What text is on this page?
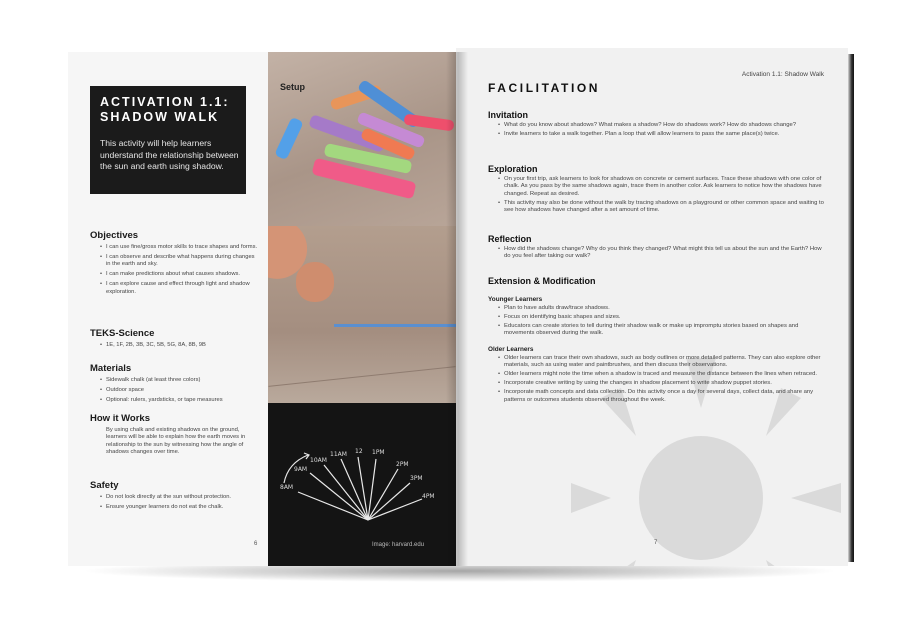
ACTIVATION 1.1: SHADOW WALK

This activity will help learners understand the relationship between the sun and earth using shadow.

Objectives
• I can use fine/gross motor skills to trace shapes and forms.
• I can observe and describe what happens during changes in the earth and sky.
• I can make predictions about what causes shadows.
• I can explore cause and effect through light and shadow exploration.
TEKS-Science
• 1E, 1F, 2B, 3B, 3C, 5B, 5G, 8A, 8B, 9B
Materials
• Sidewalk chalk (at least three colors)
• Outdoor space
• Optional: rulers, yardsticks, or tape measures
How it Works

By using chalk and existing shadows on the ground, learners will be able to explain how the earth moves in relationship to the sun by witnessing how the angle of shadows changes over time.

Safety
• Do not look directly at the sun without protection.
• Ensure younger learners do not eat the chalk.
6
Setup
8AM
9AM
10AM
11AM 12 1PM
2PM
3PM
4PM
Image: harvard.edu
Activation 1.1: Shadow Walk
FACILITATION
Invitation
• What do you know about shadows? What makes a shadow? How do shadows work? How do shadows change?
• Invite learners to take a walk together. Plan a loop that will allow learners to pass the same place(s) twice.
Exploration
• On your first trip, ask learners to look for shadows on concrete or cement surfaces. Trace these shadows with one color of chalk. As you pass by the same shadows again, trace them in another color. Ask learners to notice how the shadows have changed. Repeat as desired.
• This activity may also be done without the walk by tracing shadows on a playground or other common space and waiting to see how shadows have changed after a set amount of time.
Reflection
• How did the shadows change? Why do you think they changed? What might this tell us about the sun and the Earth? How do you feel after taking our walk?
Extension & Modification
Younger Learners
• Plan to have adults draw/trace shadows.
• Focus on identifying basic shapes and sizes.
• Educators can create stories to tell during their shadow walk or make up impromptu stories based on shapes and movements observed during the walk.
Older Learners
• Older learners can trace their own shadows, such as body outlines or more detailed patterns. They can also explore other materials, such as using water and paintbrushes, and then discuss their observations.
• Older learners might note the time when a shadow is traced and measure the distance between the lines when retraced.
• Incorporate creative writing by using the changes in shadow placement to write shadow puppet stories.
• Incorporate math concepts and data collection. Do this activity once a day for several days, collect data, and share any patterns or outcomes students observed throughout the week.
7
